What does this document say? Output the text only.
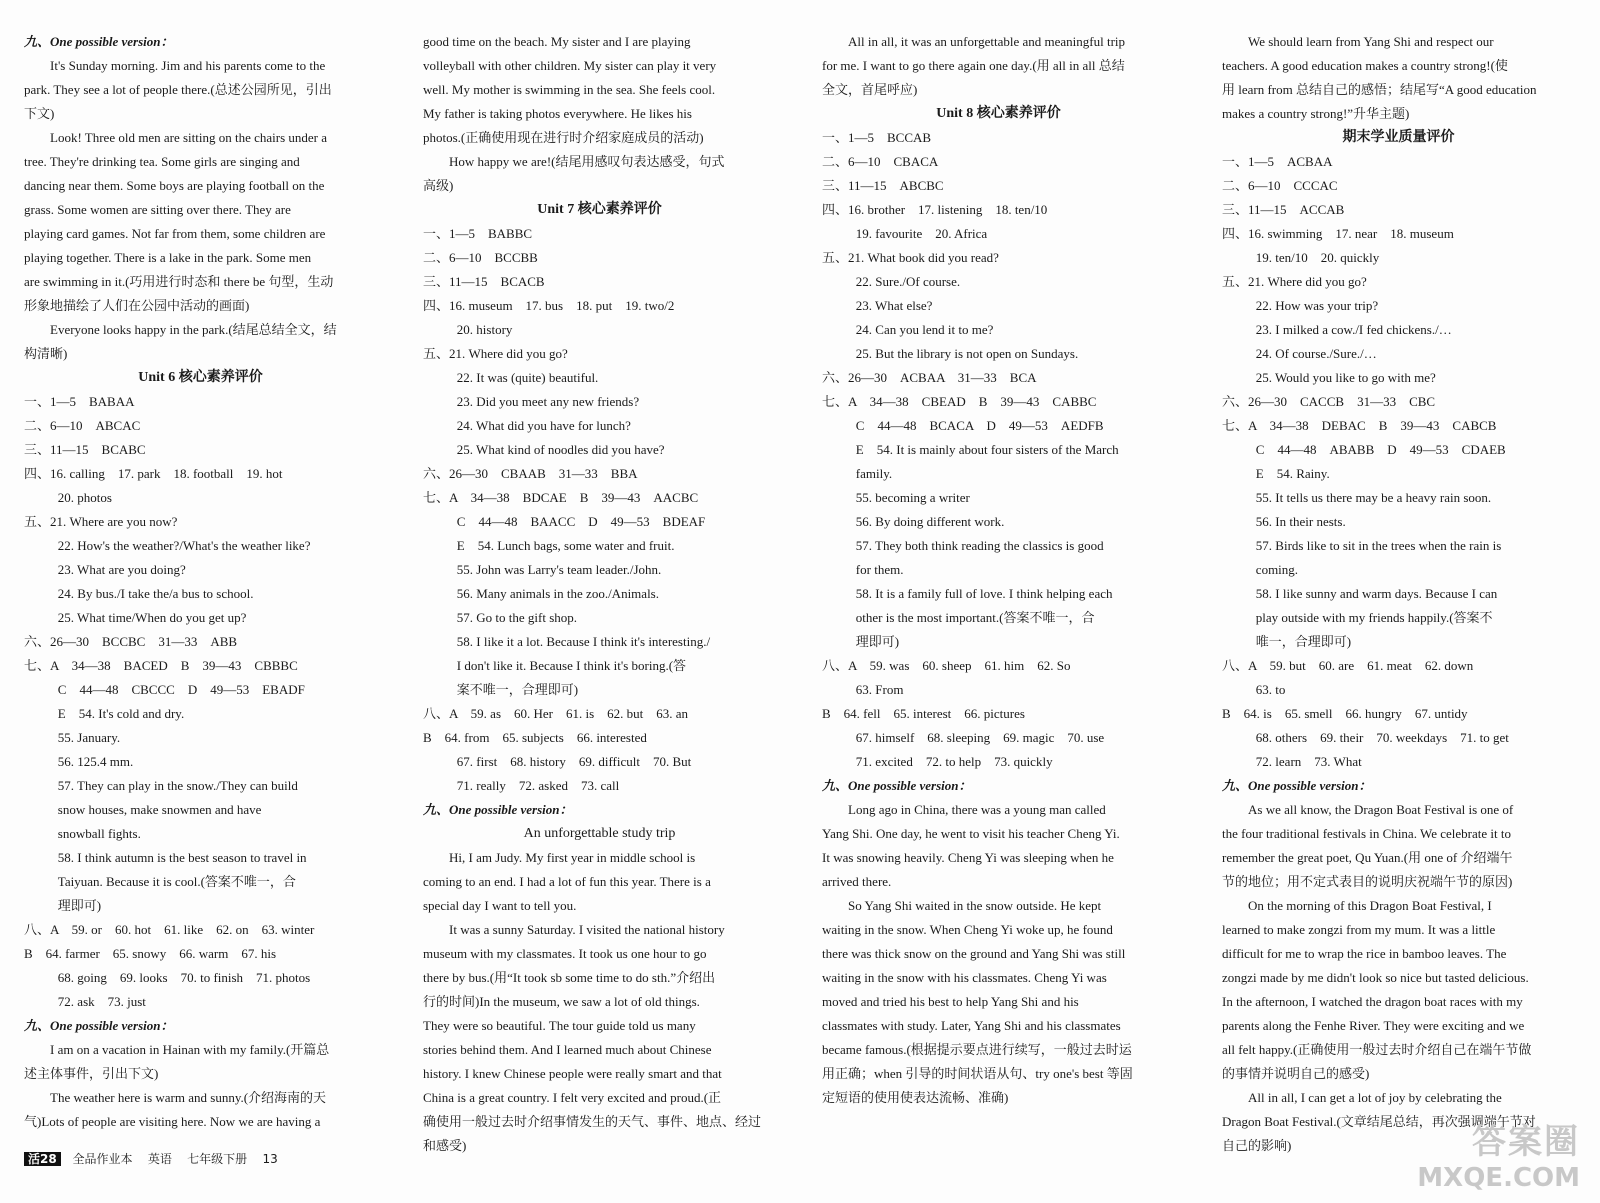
九、One possible version：
It's Sunday morning. Jim and his parents come to the
park. They see a lot of people there.(总述公园所见，引出
下文)
Look! Three old men are sitting on the chairs under a
tree. They're drinking tea. Some girls are singing and
dancing near them. Some boys are playing football on the
grass. Some women are sitting over there. They are
playing card games. Not far from them, some children are
playing together. There is a lake in the park. Some men
are swimming in it.(巧用进行时态和 there be 句型，生动
形象地描绘了人们在公园中活动的画面)
Everyone looks happy in the park.(结尾总结全文，结
构清晰)
Unit 6 核心素养评价
一、1—5　BABAA
二、6—10　ABCAC
三、11—15　BCABC
四、16. calling　17. park　18. football　19. hot
20. photos
五、21. Where are you now?
22. How's the weather?/What's the weather like?
23. What are you doing?
24. By bus./I take the/a bus to school.
25. What time/When do you get up?
六、26—30　BCCBC　31—33　ABB
七、A　34—38　BACED　B　39—43　CBBBC
C　44—48　CBCCC　D　49—53　EBADF
E　54. It's cold and dry.
55. January.
56. 125.4 mm.
57. They can play in the snow./They can build
snow houses, make snowmen and have
snowball fights.
58. I think autumn is the best season to travel in
Taiyuan. Because it is cool.(答案不唯一，合
理即可)
八、A　59. or　60. hot　61. like　62. on　63. winter
B　64. farmer　65. snowy　66. warm　67. his
68. going　69. looks　70. to finish　71. photos
72. ask　73. just
九、One possible version：
I am on a vacation in Hainan with my family.(开篇总
述主体事件，引出下文)
The weather here is warm and sunny.(介绍海南的天
气)Lots of people are visiting here. Now we are having a
good time on the beach. My sister and I are playing
volleyball with other children. My sister can play it very
well. My mother is swimming in the sea. She feels cool.
My father is taking photos everywhere. He likes his
photos.(正确使用现在进行时介绍家庭成员的活动)
How happy we are!(结尾用感叹句表达感受，句式
高级)
Unit 7 核心素养评价
一、1—5　BABBC
二、6—10　BCCBB
三、11—15　BCACB
四、16. museum　17. bus　18. put　19. two/2
20. history
五、21. Where did you go?
22. It was (quite) beautiful.
23. Did you meet any new friends?
24. What did you have for lunch?
25. What kind of noodles did you have?
六、26—30　CBAAB　31—33　BBA
七、A　34—38　BDCAE　B　39—43　AACBC
C　44—48　BAACC　D　49—53　BDEAF
E　54. Lunch bags, some water and fruit.
55. John was Larry's team leader./John.
56. Many animals in the zoo./Animals.
57. Go to the gift shop.
58. I like it a lot. Because I think it's interesting./
I don't like it. Because I think it's boring.(答
案不唯一，合理即可)
八、A　59. as　60. Her　61. is　62. but　63. an
B　64. from　65. subjects　66. interested
67. first　68. history　69. difficult　70. But
71. really　72. asked　73. call
九、One possible version：
An unforgettable study trip
Hi, I am Judy. My first year in middle school is
coming to an end. I had a lot of fun this year. There is a
special day I want to tell you.
It was a sunny Saturday. I visited the national history
museum with my classmates. It took us one hour to go
there by bus.(用“It took sb some time to do sth.”介绍出
行的时间)In the museum, we saw a lot of old things.
They were so beautiful. The tour guide told us many
stories behind them. And I learned much about Chinese
history. I knew Chinese people were really smart and that
China is a great country. I felt very excited and proud.(正
确使用一般过去时介绍事情发生的天气、事件、地点、经过
和感受)
All in all, it was an unforgettable and meaningful trip
for me. I want to go there again one day.(用 all in all 总结
全文，首尾呼应)
Unit 8 核心素养评价
一、1—5　BCCAB
二、6—10　CBACA
三、11—15　ABCBC
四、16. brother　17. listening　18. ten/10
19. favourite　20. Africa
五、21. What book did you read?
22. Sure./Of course.
23. What else?
24. Can you lend it to me?
25. But the library is not open on Sundays.
六、26—30　ACBAA　31—33　BCA
七、A　34—38　CBEAD　B　39—43　CABBC
C　44—48　BCACA　D　49—53　AEDFB
E　54. It is mainly about four sisters of the March
family.
55. becoming a writer
56. By doing different work.
57. They both think reading the classics is good
for them.
58. It is a family full of love. I think helping each
other is the most important.(答案不唯一，合
理即可)
八、A　59. was　60. sheep　61. him　62. So
63. From
B　64. fell　65. interest　66. pictures
67. himself　68. sleeping　69. magic　70. use
71. excited　72. to help　73. quickly
九、One possible version：
Long ago in China, there was a young man called
Yang Shi. One day, he went to visit his teacher Cheng Yi.
It was snowing heavily. Cheng Yi was sleeping when he
arrived there.
So Yang Shi waited in the snow outside. He kept
waiting in the snow. When Cheng Yi woke up, he found
there was thick snow on the ground and Yang Shi was still
waiting in the snow with his classmates. Cheng Yi was
moved and tried his best to help Yang Shi and his
classmates with study. Later, Yang Shi and his classmates
became famous.(根据提示要点进行续写，一般过去时运
用正确；when 引导的时间状语从句、try one's best 等固
定短语的使用使表达流畅、准确)
We should learn from Yang Shi and respect our
teachers. A good education makes a country strong!(使
用 learn from 总结自己的感悟；结尾写“A good education
makes a country strong!”升华主题)
期末学业质量评价
一、1—5　ACBAA
二、6—10　CCCAC
三、11—15　ACCAB
四、16. swimming　17. near　18. museum
19. ten/10　20. quickly
五、21. Where did you go?
22. How was your trip?
23. I milked a cow./I fed chickens./…
24. Of course./Sure./…
25. Would you like to go with me?
六、26—30　CACCB　31—33　CBC
七、A　34—38　DEBAC　B　39—43　CABCB
C　44—48　ABABB　D　49—53　CDAEB
E　54. Rainy.
55. It tells us there may be a heavy rain soon.
56. In their nests.
57. Birds like to sit in the trees when the rain is
coming.
58. I like sunny and warm days. Because I can
play outside with my friends happily.(答案不
唯一，合理即可)
八、A　59. but　60. are　61. meat　62. down
63. to
B　64. is　65. smell　66. hungry　67. untidy
68. others　69. their　70. weekdays　71. to get
72. learn　73. What
九、One possible version：
As we all know, the Dragon Boat Festival is one of
the four traditional festivals in China. We celebrate it to
remember the great poet, Qu Yuan.(用 one of 介绍端午
节的地位；用不定式表目的说明庆祝端午节的原因)
On the morning of this Dragon Boat Festival, I
learned to make zongzi from my mum. It was a little
difficult for me to wrap the rice in bamboo leaves. The
zongzi made by me didn't look so nice but tasted delicious.
In the afternoon, I watched the dragon boat races with my
parents along the Fenhe River. They were exciting and we
all felt happy.(正确使用一般过去时介绍自己在端午节做
的事情并说明自己的感受)
All in all, I can get a lot of joy by celebrating the
Dragon Boat Festival.(文章结尾总结，再次强调端午节对
自己的影响)
活28 全品作业本 英语 七年级下册 13	答案圈
MXQE.COM
